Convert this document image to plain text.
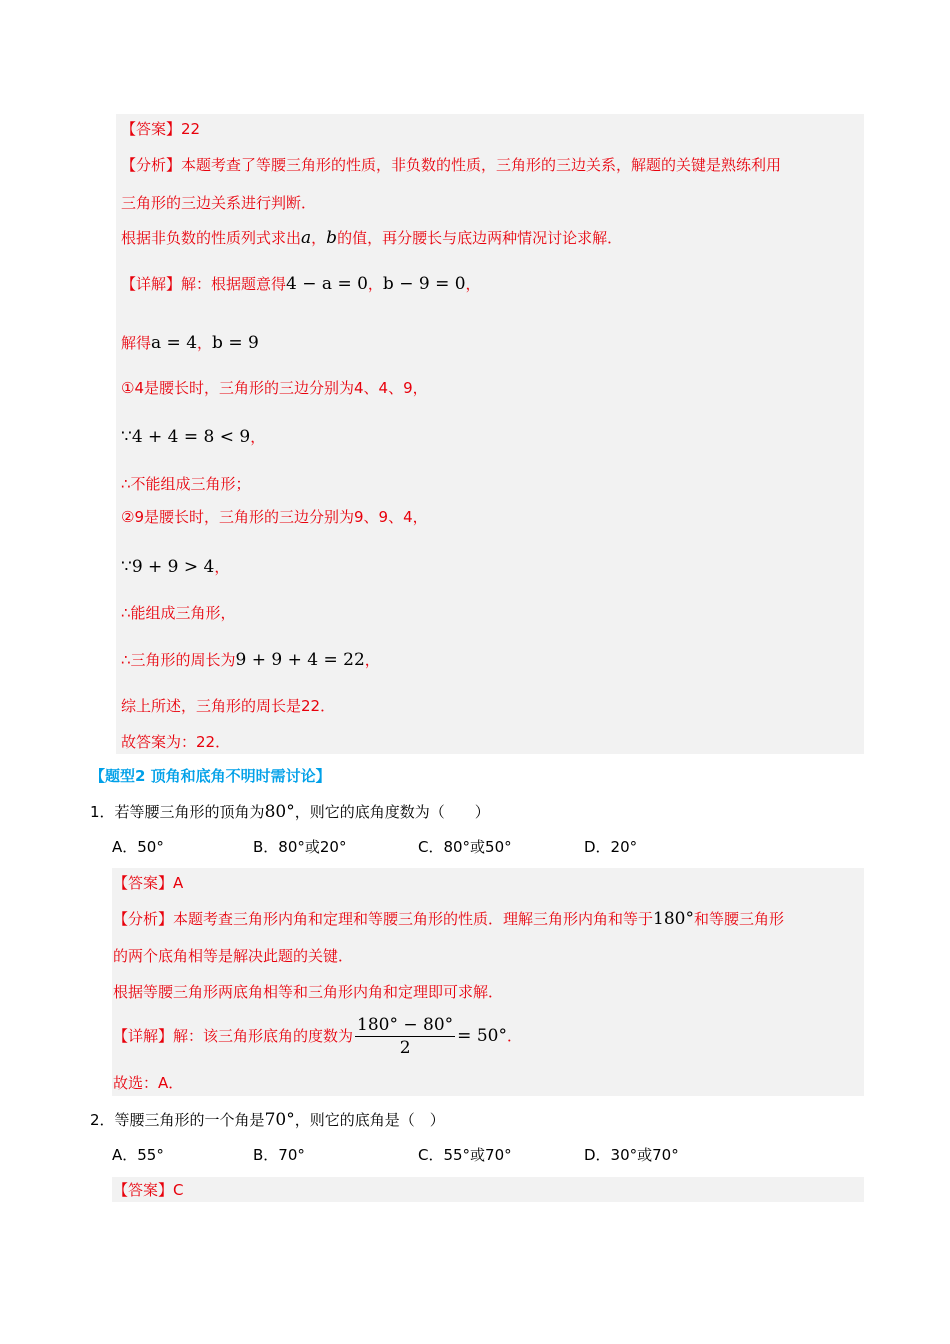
【答案】22
【分析】本题考查了等腰三角形的性质，非负数的性质，三角形的三边关系，解题的关键是熟练利用
三角形的三边关系进行判断．
根据非负数的性质列式求出a，b的值，再分腰长与底边两种情况讨论求解．
【详解】解：根据题意得4 − a = 0，b − 9 = 0，
解得a = 4，b = 9
①4是腰长时，三角形的三边分别为4、4、9，
∵4 + 4 = 8 < 9，
∴不能组成三角形；
②9是腰长时，三角形的三边分别为9、9、4，
∵9 + 9 > 4，
∴能组成三角形，
∴三角形的周长为9 + 9 + 4 = 22，
综上所述，三角形的周长是22．
故答案为：22．
【题型2 顶角和底角不明时需讨论】
1．若等腰三角形的顶角为80°，则它的底角度数为（　　）
A．50°	B．80°或20°	C．80°或50°	D．20°
【答案】A
【分析】本题考查三角形内角和定理和等腰三角形的性质．理解三角形内角和等于180°和等腰三角形
的两个底角相等是解决此题的关键．
根据等腰三角形两底角相等和三角形内角和定理即可求解．
【详解】解：该三角形底角的度数为 $\frac{180^\circ - 80^\circ}{2} = 50^\circ$．
故选：A．
2．等腰三角形的一个角是70°，则它的底角是（　）
A．55°	B．70°	C．55°或70°	D．30°或70°
【答案】C
